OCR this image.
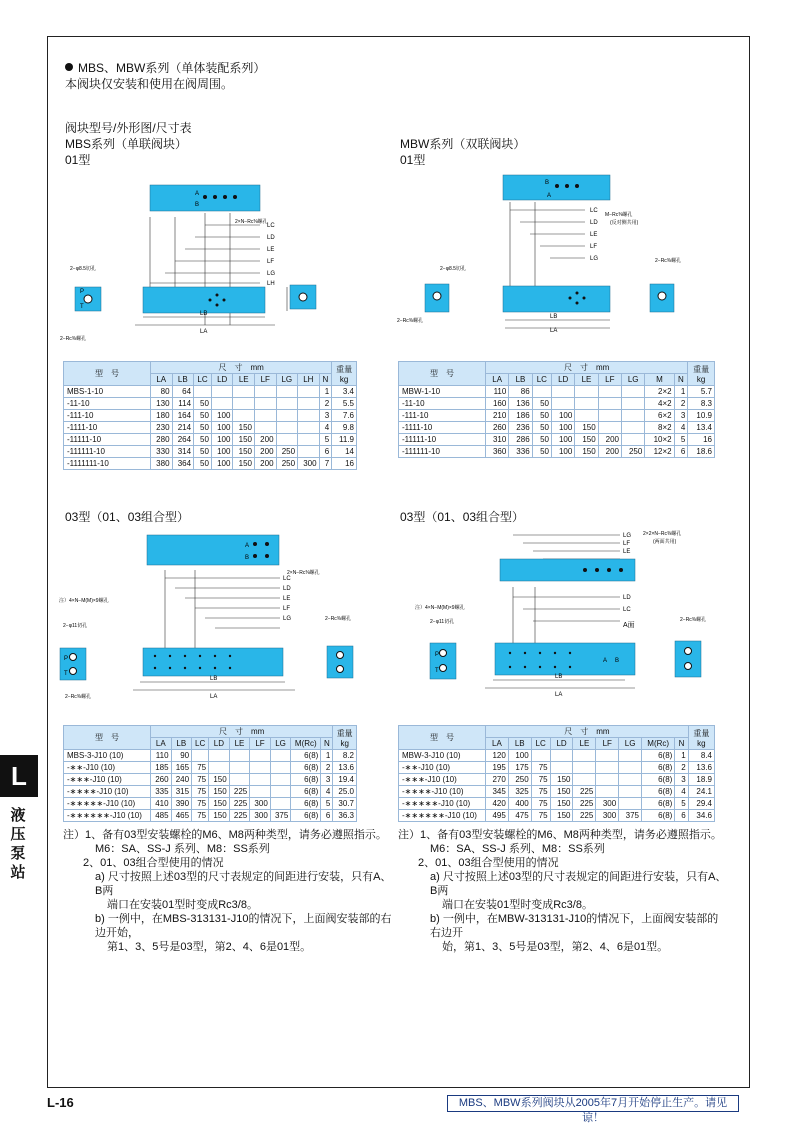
MBS、MBW系列（单体装配系列）
本阀块仅安装和使用在阀周围。
阀块型号/外形图/尺寸表
MBS系列（单联阀块）
01型
MBW系列（双联阀块）
01型
03型（01、03组合型）	03型（01、03组合型）
A
B
P
T
LC
LD
LE
LF
LG
LH
LB
LA
2×N−Rc⅜螺孔
2−φ8.5切孔
2−Rc⅜螺孔
B
A
LC
LD
LE
LF
LG
LB
LA
M−Rc⅜螺孔
(反对侧共用)
2−φ8.5切孔
2−Rc⅜螺孔
2−Rc⅜螺孔
型　号	尺　寸　mm									重量
kg
	LA	LB	LC	LD	LE	LF	LG	LH	N	
MBS-1-10	80	64							1	3.4
-11-10	130	114	50						2	5.5
-111-10	180	164	50	100					3	7.6
-1111-10	230	214	50	100	150				4	9.8
-11111-10	280	264	50	100	150	200			5	11.9
-111111-10	330	314	50	100	150	200	250		6	14
-1111111-10	380	364	50	100	150	200	250	300	7	16
型　号	尺　寸　mm									重量
kg
	LA	LB	LC	LD	LE	LF	LG	M	N	
MBW-1-10	110	86						2×2	1	5.7
-11-10	160	136	50					4×2	2	8.3
-111-10	210	186	50	100				6×2	3	10.9
-1111-10	260	236	50	100	150			8×2	4	13.4
-11111-10	310	286	50	100	150	200		10×2	5	16
-111111-10	360	336	50	100	150	200	250	12×2	6	18.6
A
B
P
T
LC
LD
LE
LF
LG
LB
LA
注）4×N−M(M)×9螺孔
2−φ11切孔
2×N−Rc⅜螺孔
2−Rc⅜螺孔
2−Rc⅜螺孔
A B
P
T
LG
LF
LE
LD
LC
LB
LA
A面
2×2×N−Rc⅜螺孔
(两面共用)
注）4×N−M(M)×9螺孔
2−φ11切孔	2−Rc⅜螺孔
型　号	尺　寸　mm									重量
kg
	LA	LB	LC	LD	LE	LF	LG	M(Rc)	N	
MBS-3-J10 (10)	110	90						6(8)	1	8.2
-∗∗-J10 (10)	185	165	75					6(8)	2	13.6
-∗∗∗-J10 (10)	260	240	75	150				6(8)	3	19.4
-∗∗∗∗-J10 (10)	335	315	75	150	225			6(8)	4	25.0
-∗∗∗∗∗-J10 (10)	410	390	75	150	225	300		6(8)	5	30.7
-∗∗∗∗∗∗-J10 (10)	485	465	75	150	225	300	375	6(8)	6	36.3
型　号	尺　寸　mm									重量
kg
	LA	LB	LC	LD	LE	LF	LG	M(Rc)	N	
MBW-3-J10 (10)	120	100						6(8)	1	8.4
-∗∗-J10 (10)	195	175	75					6(8)	2	13.6
-∗∗∗-J10 (10)	270	250	75	150				6(8)	3	18.9
-∗∗∗∗-J10 (10)	345	325	75	150	225			6(8)	4	24.1
-∗∗∗∗∗-J10 (10)	420	400	75	150	225	300		6(8)	5	29.4
-∗∗∗∗∗∗-J10 (10)	495	475	75	150	225	300	375	6(8)	6	34.6

注）1、备有03型安装螺栓的M6、M8两种类型，请务必遵照指示。

M6：SA、SS-J 系列、M8：SS系列

2、01、03组合型使用的情况

a) 尺寸按照上述03型的尺寸表规定的间距进行安装，只有A、B两

端口在安装01型时变成Rc3/8。

b) 一例中，在MBS-313131-J10的情况下，上面阀安装部的右边开始，

第1、3、5号是03型，第2、4、6是01型。

注）1、备有03型安装螺栓的M6、M8两种类型，请务必遵照指示。

M6：SA、SS-J 系列、M8：SS系列

2、01、03组合型使用的情况

a) 尺寸按照上述03型的尺寸表规定的间距进行安装，只有A、B两

端口在安装01型时变成Rc3/8。

b) 一例中，在MBW-313131-J10的情况下，上面阀安装部的右边开

始，第1、3、5号是03型，第2、4、6是01型。

L
液
压
泵
站
L-16	MBS、MBW系列阀块从2005年7月开始停止生产。请见谅！
